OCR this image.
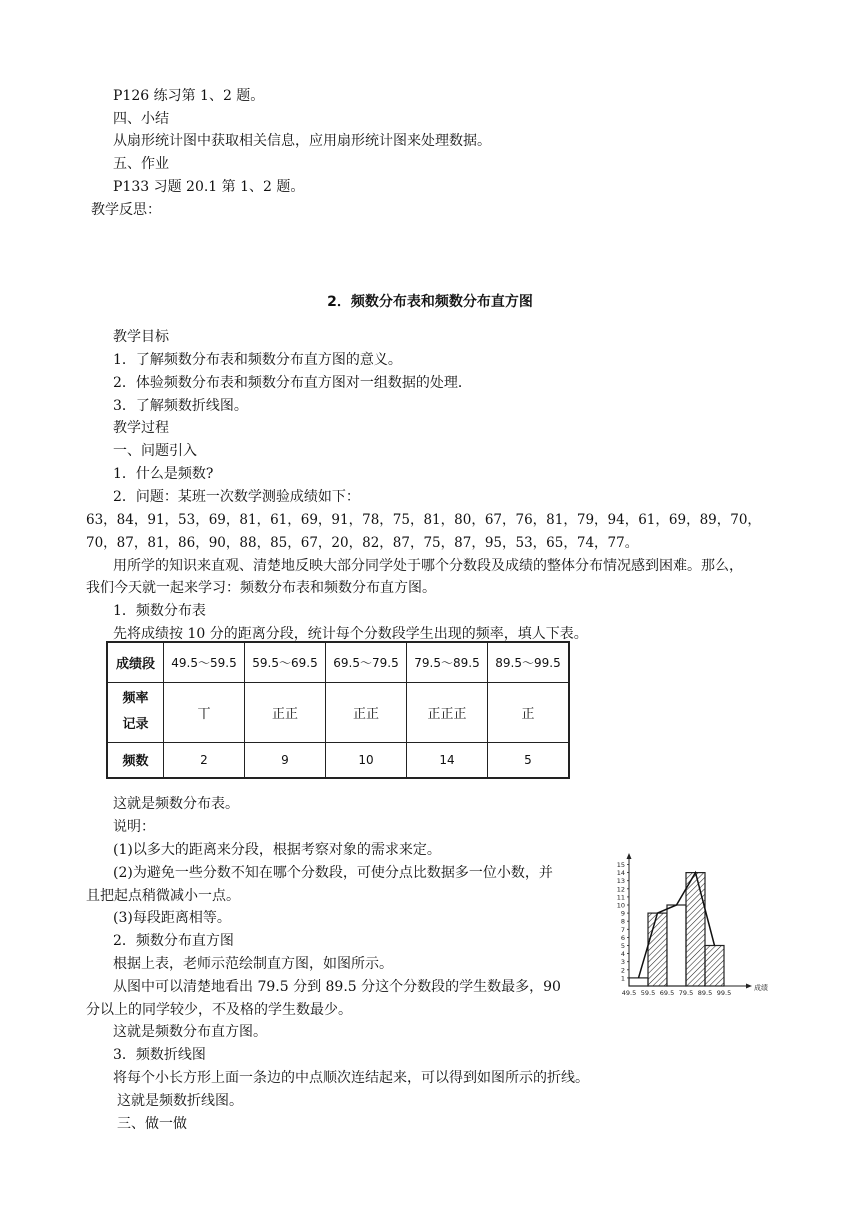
P126 练习第 1、2 题。
四、小结
从扇形统计图中获取相关信息，应用扇形统计图来处理数据。
五、作业
P133 习题 20.1 第 1、2 题。
教学反思：
2．频数分布表和频数分布直方图
教学目标
1．了解频数分布表和频数分布直方图的意义。
2．体验频数分布表和频数分布直方图对一组数据的处理．
3．了解频数折线图。
教学过程
一、问题引入
1．什么是频数?
2．问题：某班一次数学测验成绩如下：
63，84，91，53，69，81，61，69，91，78，75，81，80，67，76，81，79，94，61，69，89，70，
70，87，81，86，90，88，85，67，20，82，87，75，87，95，53，65，74，77。
用所学的知识来直观、清楚地反映大部分同学处于哪个分数段及成绩的整体分布情况感到困难。那么，
我们今天就一起来学习：频数分布表和频数分布直方图。
1．频数分布表
先将成绩按 10 分的距离分段，统计每个分数段学生出现的频率，填人下表。
成绩段	49.5～59.5	59.5～69.5	69.5～79.5	79.5～89.5	89.5～99.5

频率
记录	丅	正正	正正	正正正	正
频数	2	9	10	14	5
这就是频数分布表。
说明：
(1)以多大的距离来分段，根据考察对象的需求来定。
(2)为避免一些分数不知在哪个分数段，可使分点比数据多一位小数，并
且把起点稍微减小一点。
(3)每段距离相等。
2．频数分布直方图
根据上表，老师示范绘制直方图，如图所示。
从图中可以清楚地看出 79.5 分到 89.5 分这个分数段的学生数最多，90
分以上的同学较少，不及格的学生数最少。
这就是频数分布直方图。
3．频数折线图
将每个小长方形上面一条边的中点顺次连结起来，可以得到如图所示的折线。
这就是频数折线图。
三、做一做
1
2
3
4
5
6
7
8
9
10
11
12
13
14
15
49.5 59.5 69.5 79.5 89.5 99.5
成绩
